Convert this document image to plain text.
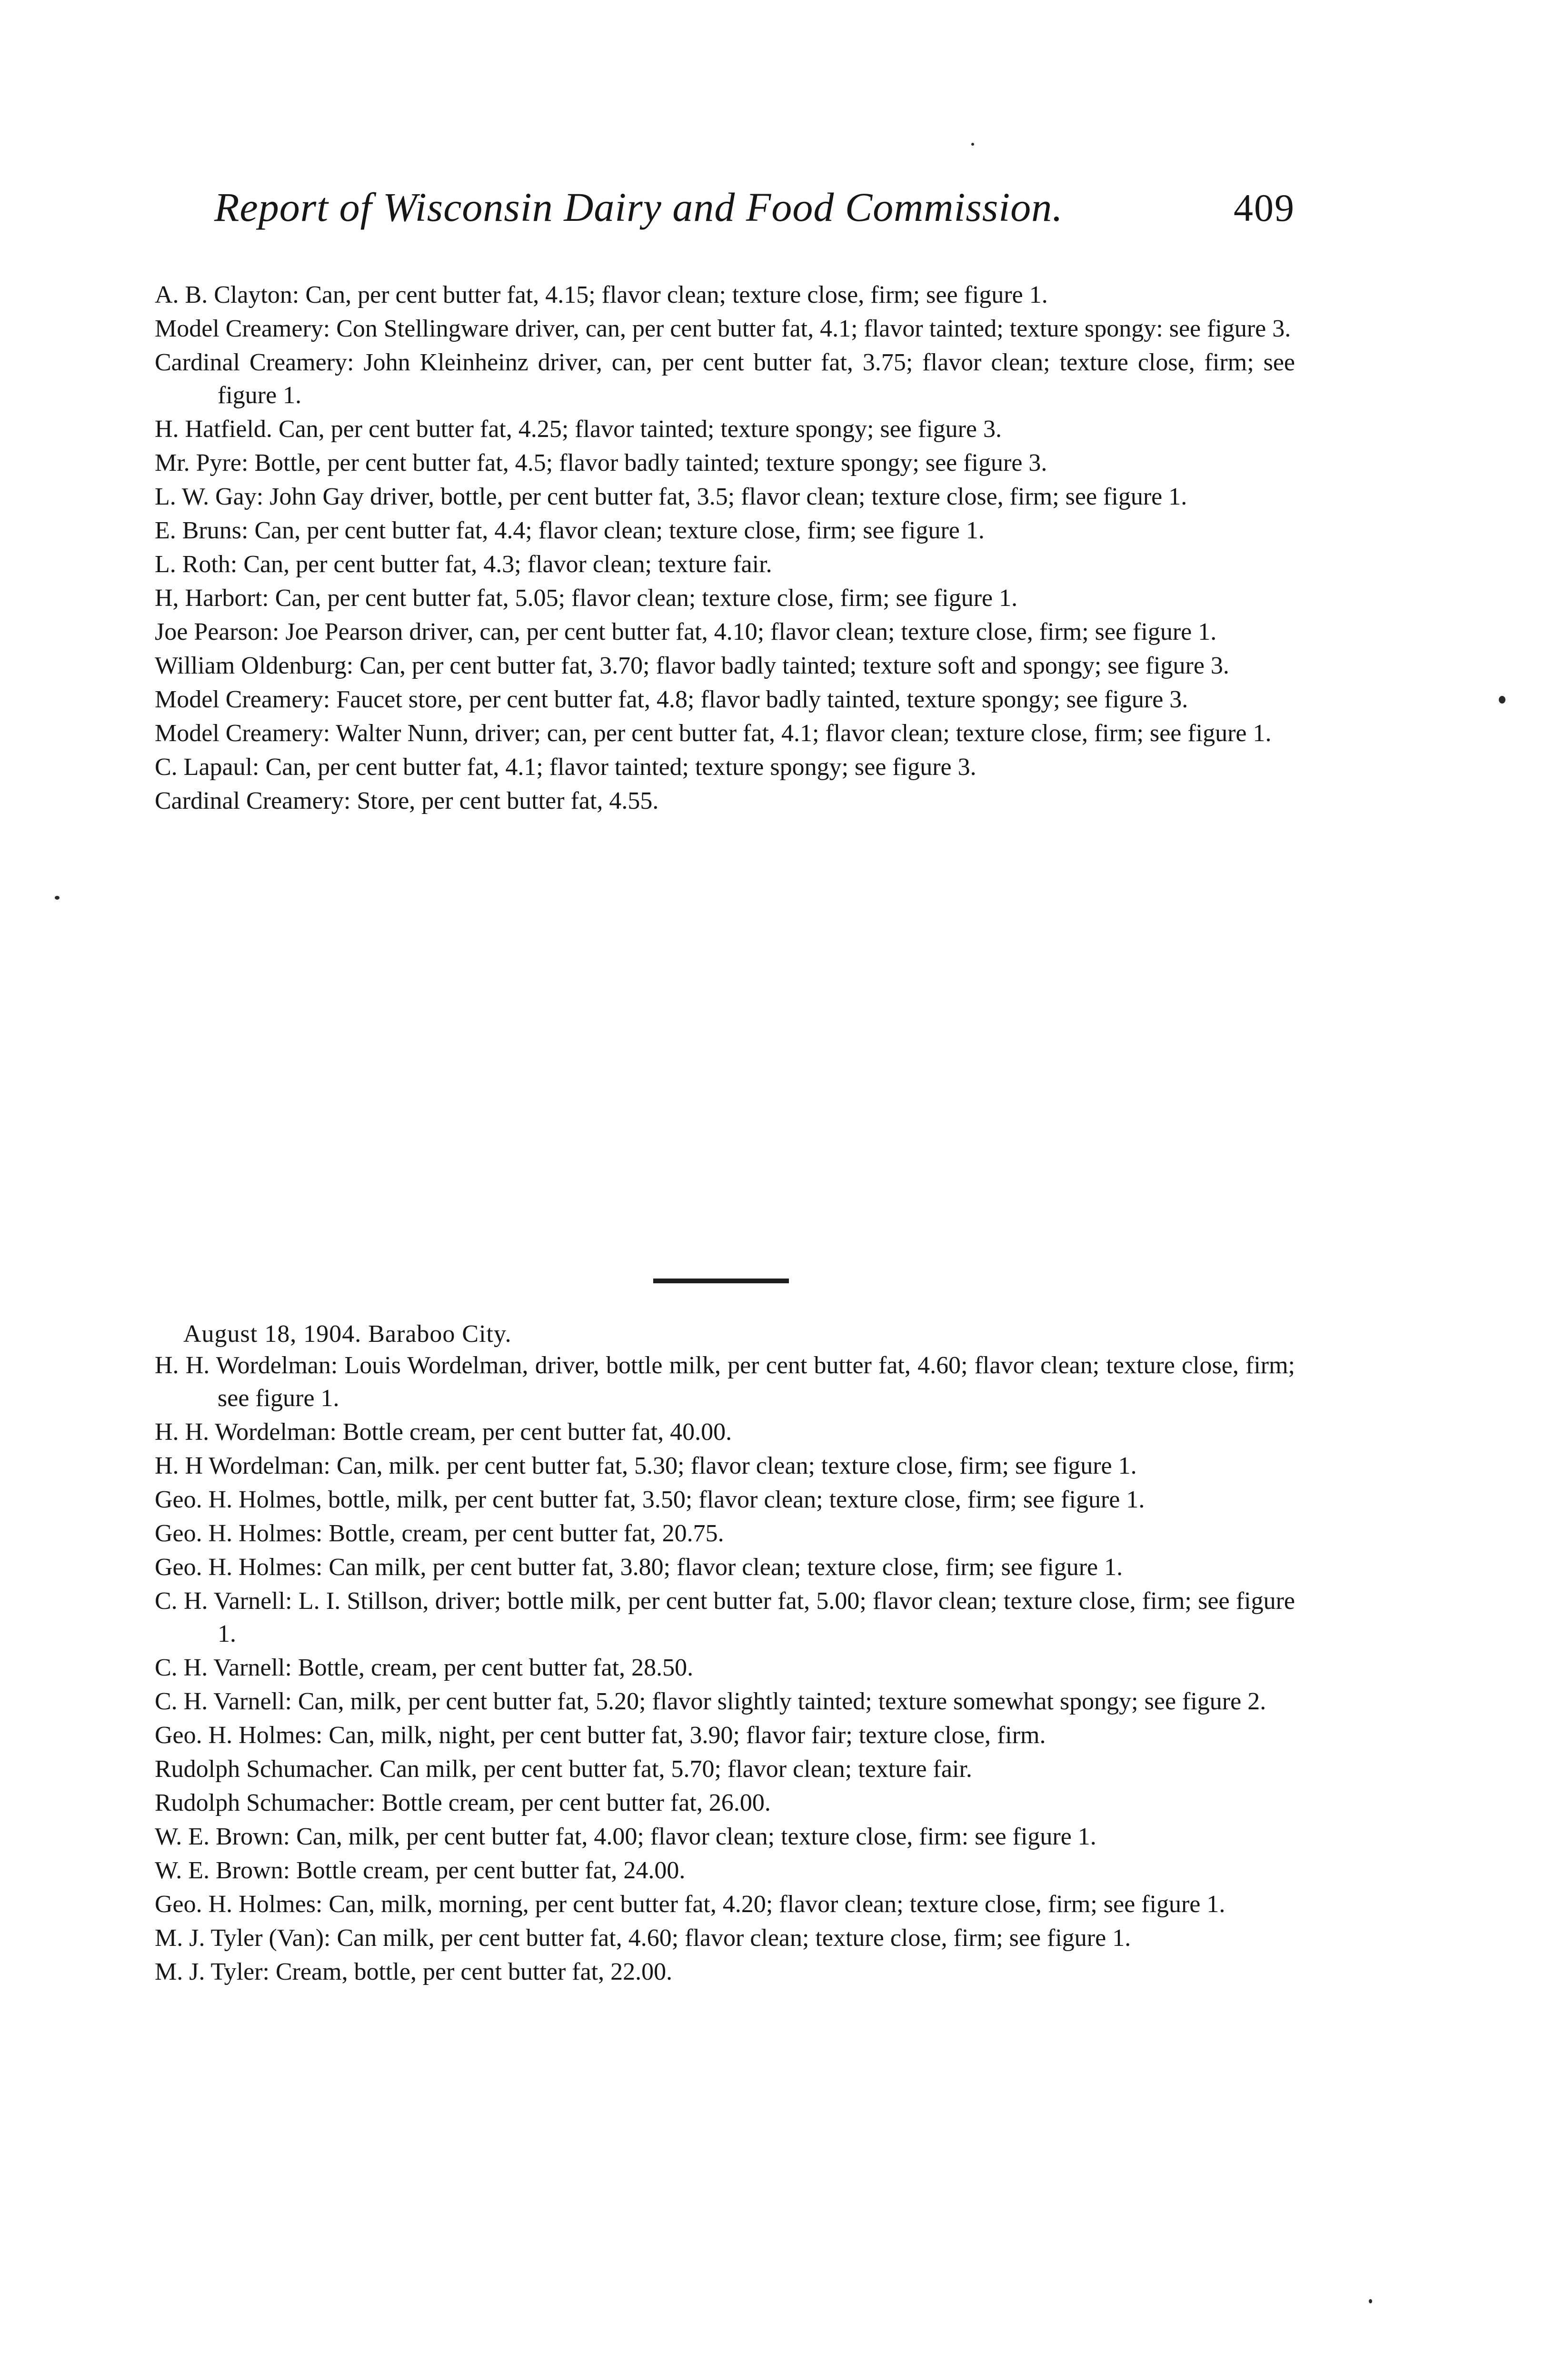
Report of Wisconsin Dairy and Food Commission.	409
A. B. Clayton: Can, per cent butter fat, 4.15; flavor clean; texture close, firm; see figure 1.
Model Creamery: Con Stellingware driver, can, per cent butter fat, 4.1; flavor tainted; texture spongy: see figure 3.
Cardinal Creamery: John Kleinheinz driver, can, per cent butter fat, 3.75; flavor clean; texture close, firm; see figure 1.
H. Hatfield. Can, per cent butter fat, 4.25; flavor tainted; texture spongy; see figure 3.
Mr. Pyre: Bottle, per cent butter fat, 4.5; flavor badly tainted; texture spongy; see figure 3.
L. W. Gay: John Gay driver, bottle, per cent butter fat, 3.5; flavor clean; texture close, firm; see figure 1.
E. Bruns: Can, per cent butter fat, 4.4; flavor clean; texture close, firm; see figure 1.
L. Roth: Can, per cent butter fat, 4.3; flavor clean; texture fair.
H, Harbort: Can, per cent butter fat, 5.05; flavor clean; texture close, firm; see figure 1.
Joe Pearson: Joe Pearson driver, can, per cent butter fat, 4.10; flavor clean; texture close, firm; see figure 1.
William Oldenburg: Can, per cent butter fat, 3.70; flavor badly tainted; texture soft and spongy; see figure 3.
Model Creamery: Faucet store, per cent butter fat, 4.8; flavor badly tainted, texture spongy; see figure 3.
Model Creamery: Walter Nunn, driver; can, per cent butter fat, 4.1; flavor clean; texture close, firm; see figure 1.
C. Lapaul: Can, per cent butter fat, 4.1; flavor tainted; texture spongy; see figure 3.
Cardinal Creamery: Store, per cent butter fat, 4.55.
August 18, 1904. Baraboo City.
H. H. Wordelman: Louis Wordelman, driver, bottle milk, per cent butter fat, 4.60; flavor clean; texture close, firm; see figure 1.
H. H. Wordelman: Bottle cream, per cent butter fat, 40.00.
H. H Wordelman: Can, milk. per cent butter fat, 5.30; flavor clean; texture close, firm; see figure 1.
Geo. H. Holmes, bottle, milk, per cent butter fat, 3.50; flavor clean; texture close, firm; see figure 1.
Geo. H. Holmes: Bottle, cream, per cent butter fat, 20.75.
Geo. H. Holmes: Can milk, per cent butter fat, 3.80; flavor clean; texture close, firm; see figure 1.
C. H. Varnell: L. I. Stillson, driver; bottle milk, per cent butter fat, 5.00; flavor clean; texture close, firm; see figure 1.
C. H. Varnell: Bottle, cream, per cent butter fat, 28.50.
C. H. Varnell: Can, milk, per cent butter fat, 5.20; flavor slightly tainted; texture somewhat spongy; see figure 2.
Geo. H. Holmes: Can, milk, night, per cent butter fat, 3.90; flavor fair; texture close, firm.
Rudolph Schumacher. Can milk, per cent butter fat, 5.70; flavor clean; texture fair.
Rudolph Schumacher: Bottle cream, per cent butter fat, 26.00.
W. E. Brown: Can, milk, per cent butter fat, 4.00; flavor clean; texture close, firm: see figure 1.
W. E. Brown: Bottle cream, per cent butter fat, 24.00.
Geo. H. Holmes: Can, milk, morning, per cent butter fat, 4.20; flavor clean; texture close, firm; see figure 1.
M. J. Tyler (Van): Can milk, per cent butter fat, 4.60; flavor clean; texture close, firm; see figure 1.
M. J. Tyler: Cream, bottle, per cent butter fat, 22.00.
